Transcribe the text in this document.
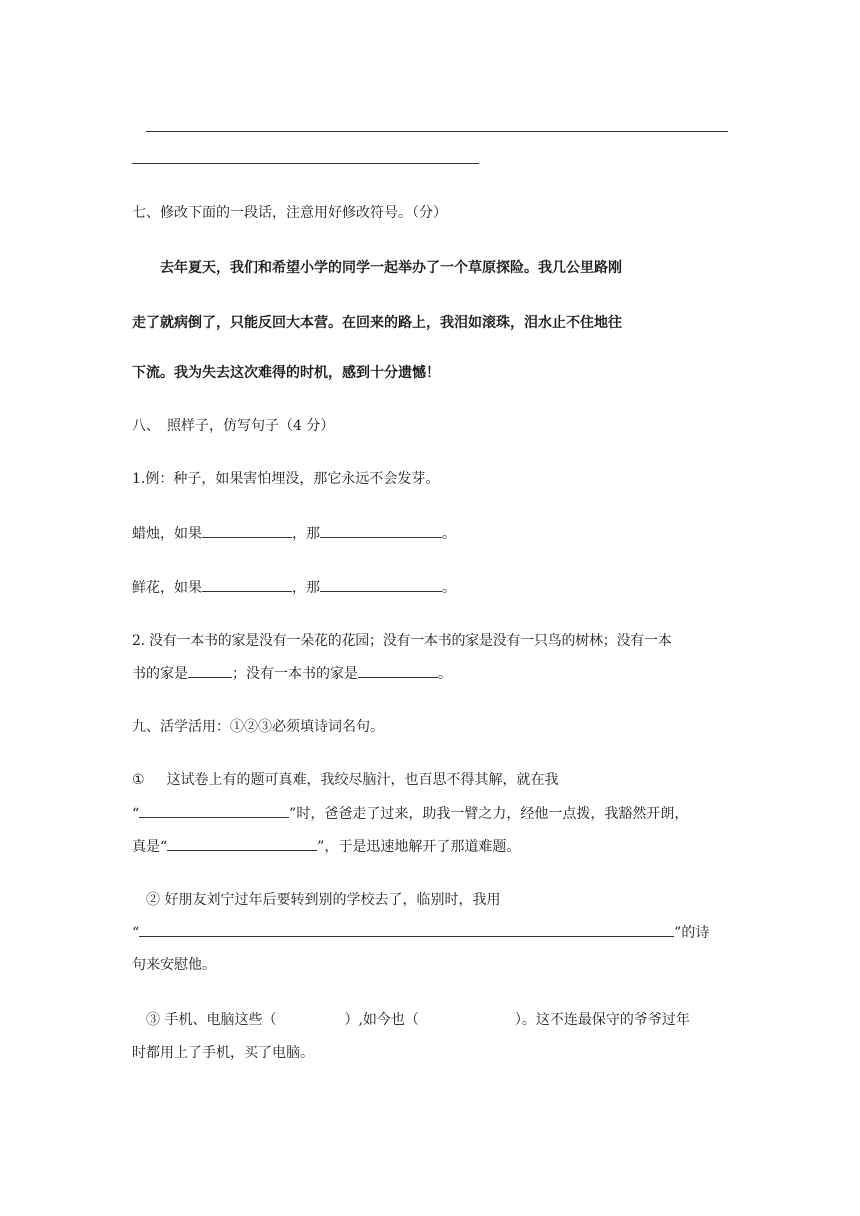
七、修改下面的一段话，注意用好修改符号。（分）
去年夏天，我们和希望小学的同学一起举办了一个草原探险。我几公里路刚
走了就病倒了，只能反回大本营。在回来的路上，我泪如滚珠，泪水止不住地往
下流。我为失去这次难得的时机，感到十分遗憾！
八、　照样子，仿写句子（4 分）
1.例：种子，如果害怕埋没，那它永远不会发芽。
蜡烛，如果	，那	。
鲜花，如果	，那	。
2. 没有一本书的家是没有一朵花的花园；没有一本书的家是没有一只鸟的树林；没有一本
书的家是	；没有一本书的家是	。
九、活学活用：①②③必须填诗词名句。
① 这试卷上有的题可真难，我绞尽脑汁，也百思不得其解，就在我
“	”时，爸爸走了过来，助我一臂之力，经他一点拨，我豁然开朗，
真是“	”，于是迅速地解开了那道难题。
② 好朋友刘宁过年后要转到别的学校去了，临别时，我用
“	”的诗
句来安慰他。
③ 手机、电脑这些（	）,如今也（	）。这不连最保守的爷爷过年
时都用上了手机，买了电脑。
